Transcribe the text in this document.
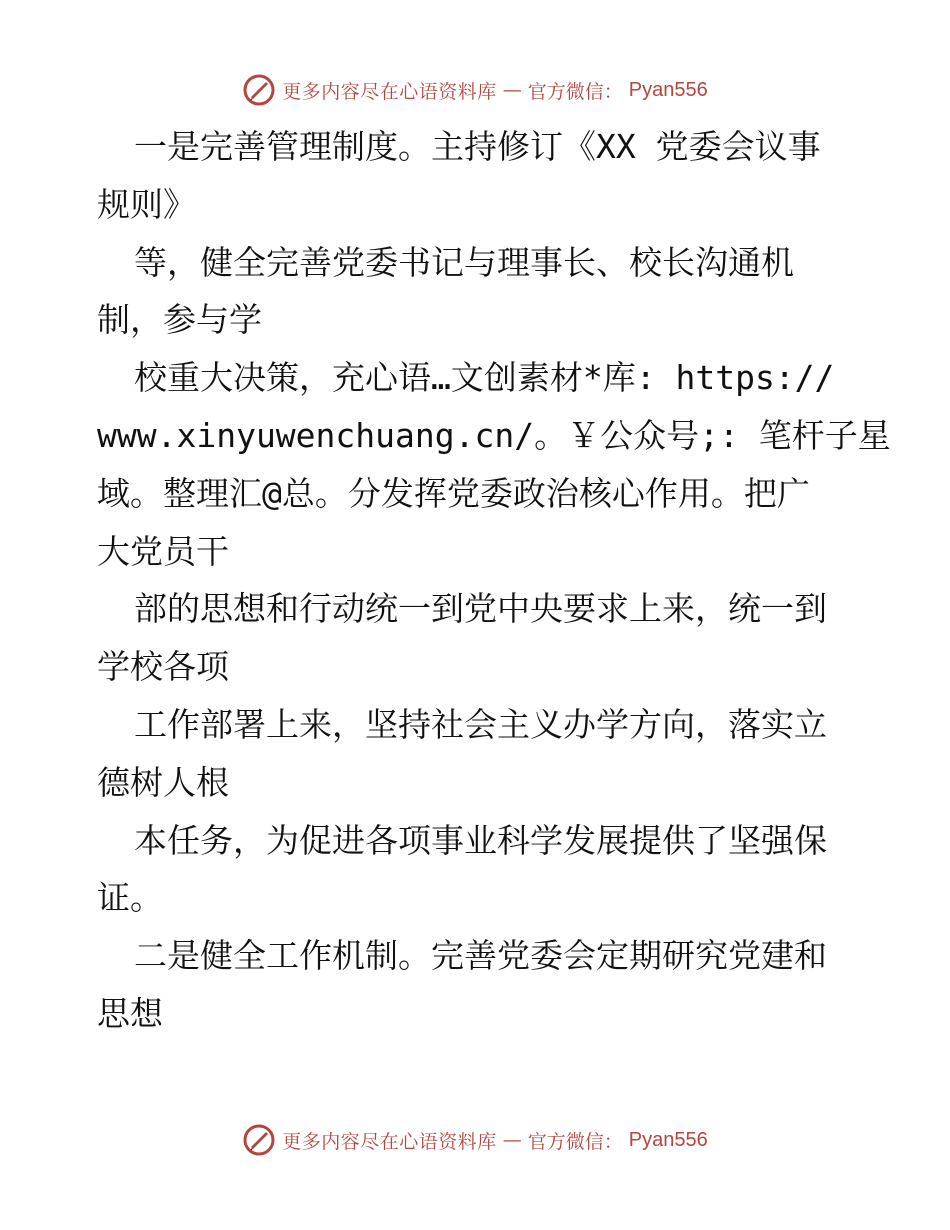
更多内容尽在心语资料库 — 官方微信： Pyan556
一是完善管理制度。主持修订《XX 党委会议事
规则》
等，健全完善党委书记与理事长、校长沟通机
制，参与学
校重大决策，充心语…文创素材*库: https://
www.xinyuwenchuang.cn/。￥公众号;: 笔杆子星
域。整理汇@总。分发挥党委政治核心作用。把广
大党员干
部的思想和行动统一到党中央要求上来，统一到
学校各项
工作部署上来，坚持社会主义办学方向，落实立
德树人根
本任务，为促进各项事业科学发展提供了坚强保
证。
二是健全工作机制。完善党委会定期研究党建和
思想
更多内容尽在心语资料库 — 官方微信： Pyan556
